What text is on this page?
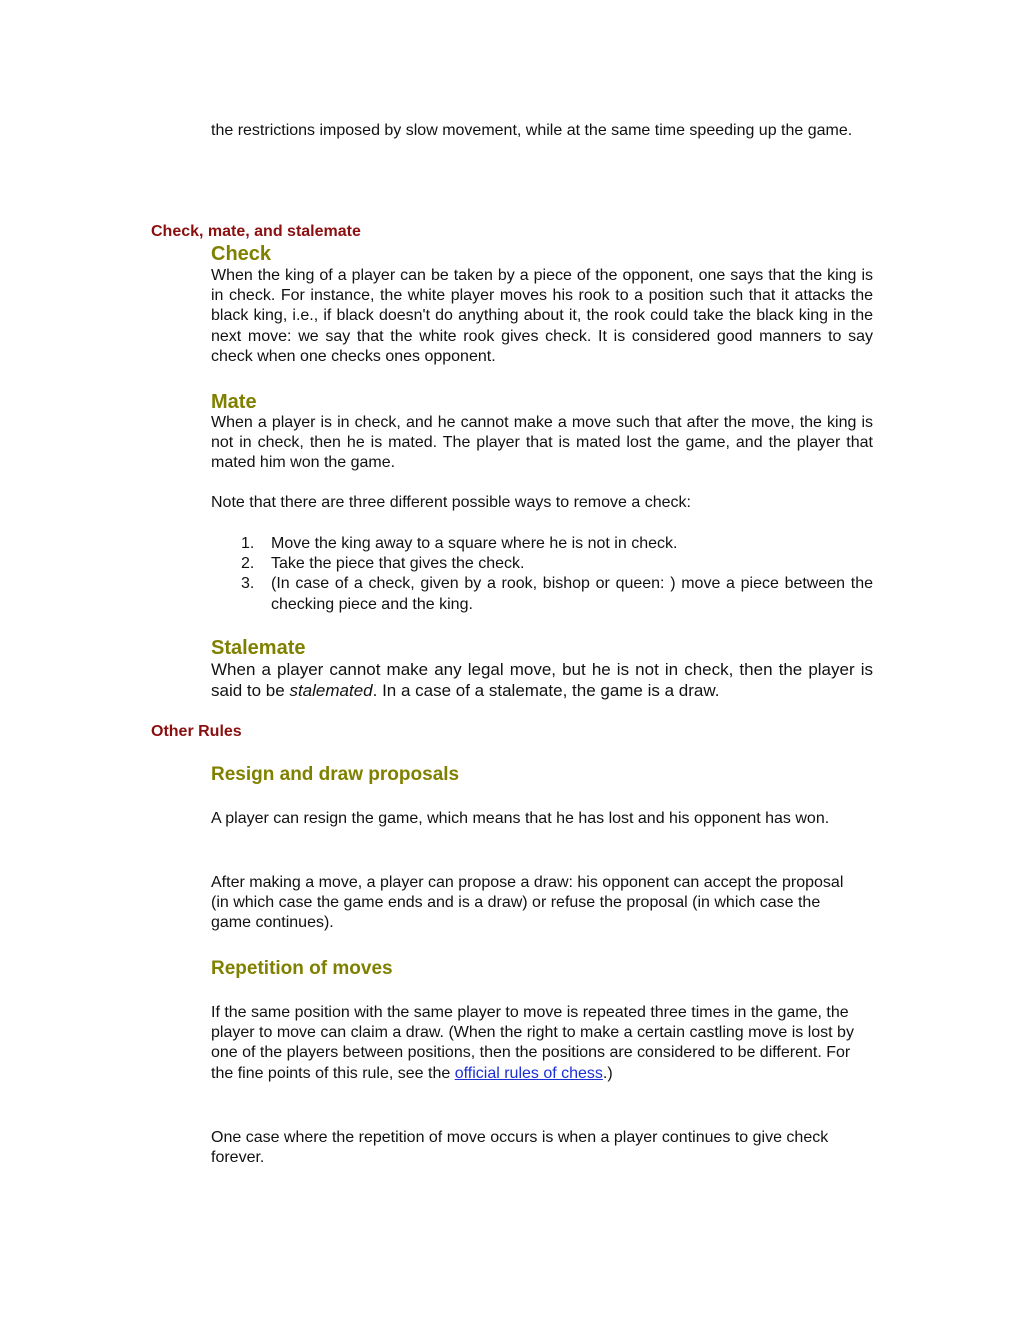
the restrictions imposed by slow movement, while at the same time speeding up the game.

Check, mate, and stalemate
Check

When the king of a player can be taken by a piece of the opponent, one says that the king is in check. For instance, the white player moves his rook to a position such that it attacks the black king, i.e., if black doesn't do anything about it, the rook could take the black king in the next move: we say that the white rook gives check. It is considered good manners to say check when one checks ones opponent.

Mate

When a player is in check, and he cannot make a move such that after the move, the king is not in check, then he is mated. The player that is mated lost the game, and the player that mated him won the game.

Note that there are three different possible ways to remove a check:

1. Move the king away to a square where he is not in check.
2. Take the piece that gives the check.
3. (In case of a check, given by a rook, bishop or queen: ) move a piece between the checking piece and the king.
Stalemate

When a player cannot make any legal move, but he is not in check, then the player is said to be stalemated. In a case of a stalemate, the game is a draw.

Other Rules
Resign and draw proposals

A player can resign the game, which means that he has lost and his opponent has won.

After making a move, a player can propose a draw: his opponent can accept the proposal (in which case the game ends and is a draw) or refuse the proposal (in which case the game continues).

Repetition of moves

If the same position with the same player to move is repeated three times in the game, the player to move can claim a draw. (When the right to make a certain castling move is lost by one of the players between positions, then the positions are considered to be different. For the fine points of this rule, see the official rules of chess.)

One case where the repetition of move occurs is when a player continues to give check forever.
